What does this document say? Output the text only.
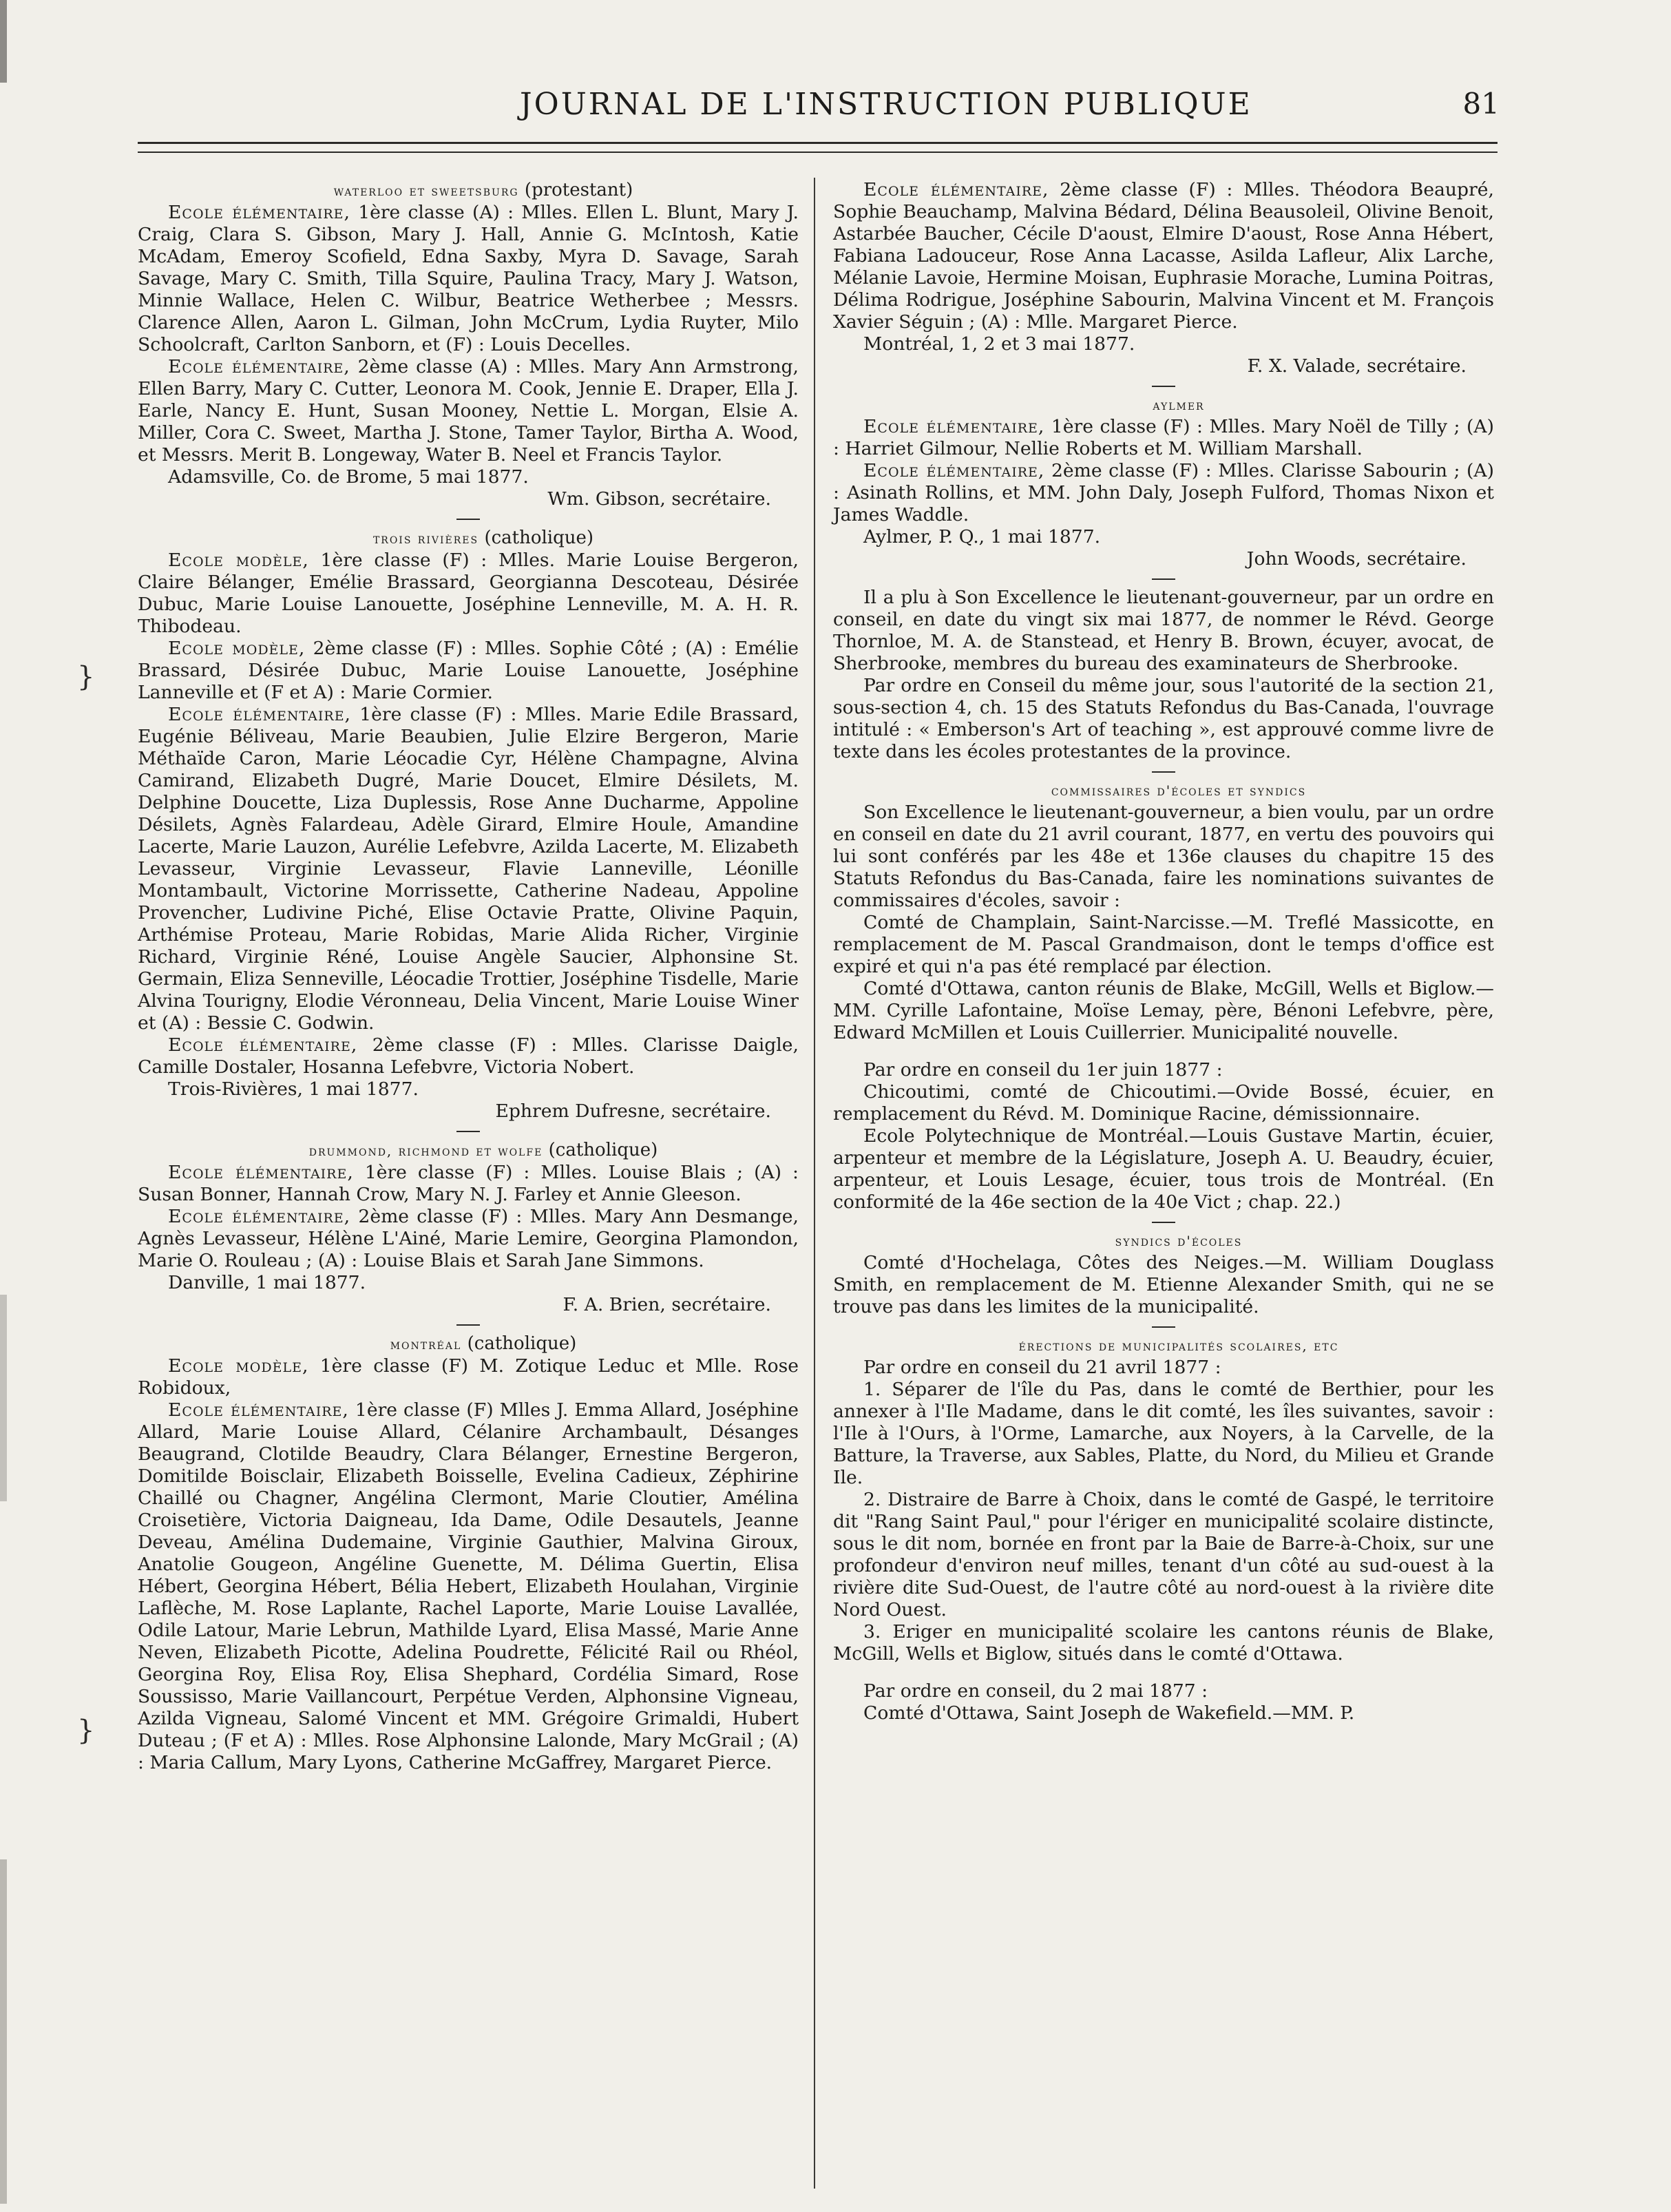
JOURNAL DE L'INSTRUCTION PUBLIQUE	81
}
}

waterloo et sweetsburg (protestant)

Ecole élémentaire, 1ère classe (A) : Mlles. Ellen L. Blunt, Mary J. Craig, Clara S. Gibson, Mary J. Hall, Annie G. McIntosh, Katie McAdam, Emeroy Scofield, Edna Saxby, Myra D. Savage, Sarah Savage, Mary C. Smith, Tilla Squire, Paulina Tracy, Mary J. Watson, Minnie Wallace, Helen C. Wilbur, Beatrice Wetherbee ; Messrs. Clarence Allen, Aaron L. Gilman, John McCrum, Lydia Ruyter, Milo Schoolcraft, Carlton Sanborn, et (F) : Louis Decelles.

Ecole élémentaire, 2ème classe (A) : Mlles. Mary Ann Armstrong, Ellen Barry, Mary C. Cutter, Leonora M. Cook, Jennie E. Draper, Ella J. Earle, Nancy E. Hunt, Susan Mooney, Nettie L. Morgan, Elsie A. Miller, Cora C. Sweet, Martha J. Stone, Tamer Taylor, Birtha A. Wood, et Messrs. Merit B. Longeway, Water B. Neel et Francis Taylor.

Adamsville, Co. de Brome, 5 mai 1877.

Wm. Gibson, secrétaire.

trois rivières (catholique)

Ecole modèle, 1ère classe (F) : Mlles. Marie Louise Bergeron, Claire Bélanger, Emélie Brassard, Georgianna Descoteau, Désirée Dubuc, Marie Louise Lanouette, Joséphine Lenneville, M. A. H. R. Thibodeau.

Ecole modèle, 2ème classe (F) : Mlles. Sophie Côté ; (A) : Emélie Brassard, Désirée Dubuc, Marie Louise Lanouette, Joséphine Lanneville et (F et A) : Marie Cormier.

Ecole élémentaire, 1ère classe (F) : Mlles. Marie Edile Brassard, Eugénie Béliveau, Marie Beaubien, Julie Elzire Bergeron, Marie Méthaïde Caron, Marie Léocadie Cyr, Hélène Champagne, Alvina Camirand, Elizabeth Dugré, Marie Doucet, Elmire Désilets, M. Delphine Doucette, Liza Duplessis, Rose Anne Ducharme, Appoline Désilets, Agnès Falardeau, Adèle Girard, Elmire Houle, Amandine Lacerte, Marie Lauzon, Aurélie Lefebvre, Azilda Lacerte, M. Elizabeth Levasseur, Virginie Levasseur, Flavie Lanneville, Léonille Montambault, Victorine Morrissette, Catherine Nadeau, Appoline Provencher, Ludivine Piché, Elise Octavie Pratte, Olivine Paquin, Arthémise Proteau, Marie Robidas, Marie Alida Richer, Virginie Richard, Virginie Réné, Louise Angèle Saucier, Alphonsine St. Germain, Eliza Senneville, Léocadie Trottier, Joséphine Tisdelle, Marie Alvina Tourigny, Elodie Véronneau, Delia Vincent, Marie Louise Winer et (A) : Bessie C. Godwin.

Ecole élémentaire, 2ème classe (F) : Mlles. Clarisse Daigle, Camille Dostaler, Hosanna Lefebvre, Victoria Nobert.

Trois-Rivières, 1 mai 1877.

Ephrem Dufresne, secrétaire.

drummond, richmond et wolfe (catholique)

Ecole élémentaire, 1ère classe (F) : Mlles. Louise Blais ; (A) : Susan Bonner, Hannah Crow, Mary N. J. Farley et Annie Gleeson.

Ecole élémentaire, 2ème classe (F) : Mlles. Mary Ann Desmange, Agnès Levasseur, Hélène L'Ainé, Marie Lemire, Georgina Plamondon, Marie O. Rouleau ; (A) : Louise Blais et Sarah Jane Simmons.

Danville, 1 mai 1877.

F. A. Brien, secrétaire.

montréal (catholique)

Ecole modèle, 1ère classe (F) M. Zotique Leduc et Mlle. Rose Robidoux,

Ecole élémentaire, 1ère classe (F) Mlles J. Emma Allard, Joséphine Allard, Marie Louise Allard, Célanire Archambault, Désanges Beaugrand, Clotilde Beaudry, Clara Bélanger, Ernestine Bergeron, Domitilde Boisclair, Elizabeth Boisselle, Evelina Cadieux, Zéphirine Chaillé ou Chagner, Angélina Clermont, Marie Cloutier, Amélina Croisetière, Victoria Daigneau, Ida Dame, Odile Desautels, Jeanne Deveau, Amélina Dudemaine, Virginie Gauthier, Malvina Giroux, Anatolie Gougeon, Angéline Guenette, M. Délima Guertin, Elisa Hébert, Georgina Hébert, Bélia Hebert, Elizabeth Houlahan, Virginie Laflèche, M. Rose Laplante, Rachel Laporte, Marie Louise Lavallée, Odile Latour, Marie Lebrun, Mathilde Lyard, Elisa Massé, Marie Anne Neven, Elizabeth Picotte, Adelina Poudrette, Félicité Rail ou Rhéol, Georgina Roy, Elisa Roy, Elisa Shephard, Cordélia Simard, Rose Soussisso, Marie Vaillancourt, Perpétue Verden, Alphonsine Vigneau, Azilda Vigneau, Salomé Vincent et MM. Grégoire Grimaldi, Hubert Duteau ; (F et A) : Mlles. Rose Alphonsine Lalonde, Mary McGrail ; (A) : Maria Callum, Mary Lyons, Catherine McGaffrey, Margaret Pierce.

Ecole élémentaire, 2ème classe (F) : Mlles. Théodora Beaupré, Sophie Beauchamp, Malvina Bédard, Délina Beausoleil, Olivine Benoit, Astarbée Baucher, Cécile D'aoust, Elmire D'aoust, Rose Anna Hébert, Fabiana Ladouceur, Rose Anna Lacasse, Asilda Lafleur, Alix Larche, Mélanie Lavoie, Hermine Moisan, Euphrasie Morache, Lumina Poitras, Délima Rodrigue, Joséphine Sabourin, Malvina Vincent et M. François Xavier Séguin ; (A) : Mlle. Margaret Pierce.

Montréal, 1, 2 et 3 mai 1877.

F. X. Valade, secrétaire.

aylmer

Ecole élémentaire, 1ère classe (F) : Mlles. Mary Noël de Tilly ; (A) : Harriet Gilmour, Nellie Roberts et M. William Marshall.

Ecole élémentaire, 2ème classe (F) : Mlles. Clarisse Sabourin ; (A) : Asinath Rollins, et MM. John Daly, Joseph Fulford, Thomas Nixon et James Waddle.

Aylmer, P. Q., 1 mai 1877.

John Woods, secrétaire.

Il a plu à Son Excellence le lieutenant-gouverneur, par un ordre en conseil, en date du vingt six mai 1877, de nommer le Révd. George Thornloe, M. A. de Stanstead, et Henry B. Brown, écuyer, avocat, de Sherbrooke, membres du bureau des examinateurs de Sherbrooke.

Par ordre en Conseil du même jour, sous l'autorité de la section 21, sous-section 4, ch. 15 des Statuts Refondus du Bas-Canada, l'ouvrage intitulé : « Emberson's Art of teaching », est approuvé comme livre de texte dans les écoles protestantes de la province.

commissaires d'écoles et syndics

Son Excellence le lieutenant-gouverneur, a bien voulu, par un ordre en conseil en date du 21 avril courant, 1877, en vertu des pouvoirs qui lui sont conférés par les 48e et 136e clauses du chapitre 15 des Statuts Refondus du Bas-Canada, faire les nominations suivantes de commissaires d'écoles, savoir :

Comté de Champlain, Saint-Narcisse.—M. Treflé Massicotte, en remplacement de M. Pascal Grandmaison, dont le temps d'office est expiré et qui n'a pas été remplacé par élection.

Comté d'Ottawa, canton réunis de Blake, McGill, Wells et Biglow.—MM. Cyrille Lafontaine, Moïse Lemay, père, Bénoni Lefebvre, père, Edward McMillen et Louis Cuillerrier. Municipalité nouvelle.

Par ordre en conseil du 1er juin 1877 :

Chicoutimi, comté de Chicoutimi.—Ovide Bossé, écuier, en remplacement du Révd. M. Dominique Racine, démissionnaire.

Ecole Polytechnique de Montréal.—Louis Gustave Martin, écuier, arpenteur et membre de la Législature, Joseph A. U. Beaudry, écuier, arpenteur, et Louis Lesage, écuier, tous trois de Montréal. (En conformité de la 46e section de la 40e Vict ; chap. 22.)

syndics d'écoles

Comté d'Hochelaga, Côtes des Neiges.—M. William Douglass Smith, en remplacement de M. Etienne Alexander Smith, qui ne se trouve pas dans les limites de la municipalité.

érections de municipalités scolaires, etc

Par ordre en conseil du 21 avril 1877 :

1. Séparer de l'île du Pas, dans le comté de Berthier, pour les annexer à l'Ile Madame, dans le dit comté, les îles suivantes, savoir : l'Ile à l'Ours, à l'Orme, Lamarche, aux Noyers, à la Carvelle, de la Batture, la Traverse, aux Sables, Platte, du Nord, du Milieu et Grande Ile.

2. Distraire de Barre à Choix, dans le comté de Gaspé, le territoire dit "Rang Saint Paul," pour l'ériger en municipalité scolaire distincte, sous le dit nom, bornée en front par la Baie de Barre-à-Choix, sur une profondeur d'environ neuf milles, tenant d'un côté au sud-ouest à la rivière dite Sud-Ouest, de l'autre côté au nord-ouest à la rivière dite Nord Ouest.

3. Eriger en municipalité scolaire les cantons réunis de Blake, McGill, Wells et Biglow, situés dans le comté d'Ottawa.

Par ordre en conseil, du 2 mai 1877 :

Comté d'Ottawa, Saint Joseph de Wakefield.—MM. P.
